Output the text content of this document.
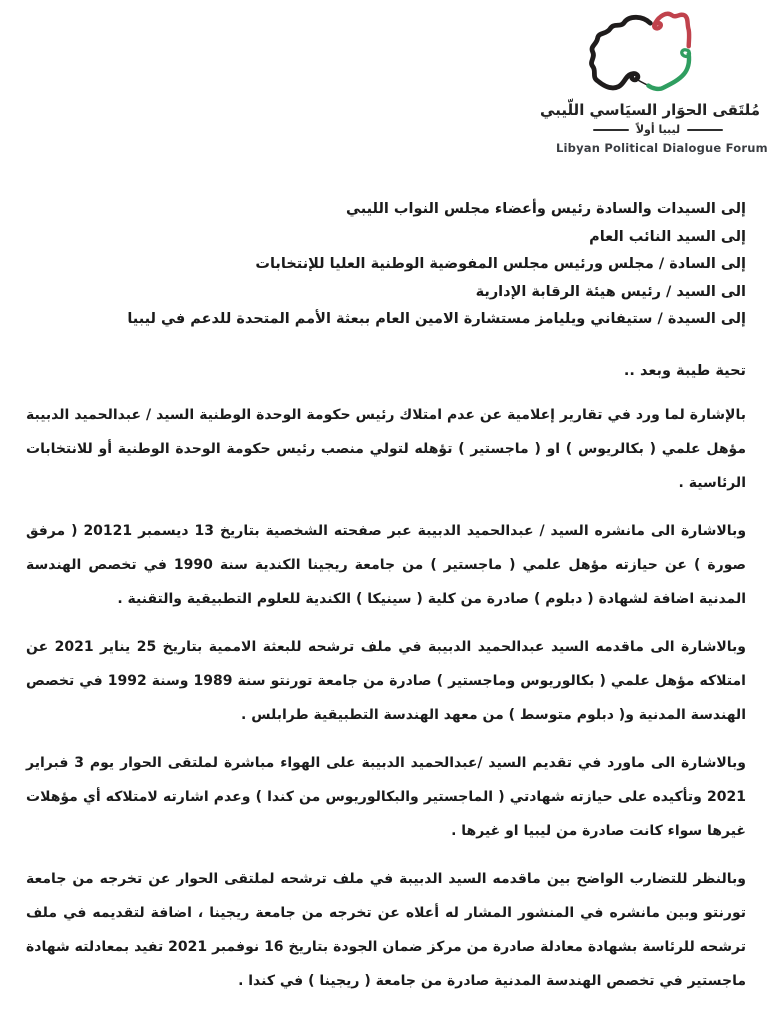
مُلتَقى الحوَار السيَاسي اللّيبي
ليبيا أولاً
Libyan Political Dialogue Forum
إلى السيدات والسادة رئيس وأعضاء مجلس النواب الليبي
إلى السيد النائب العام
إلى السادة / مجلس ورئيس مجلس المفوضية الوطنية العليا للإنتخابات
الى السيد / رئيس هيئة الرقابة الإدارية
إلى السيدة / ستيفاني ويليامز مستشارة الامين العام ببعثة الأمم المتحدة للدعم في ليبيا
تحية طيبة وبعد ..

بالإشارة لما ورد في تقارير إعلامية عن عدم امتلاك رئيس حكومة الوحدة الوطنية السيد / عبدالحميد الدبيبة مؤهل علمي ( بكالريوس ) او ( ماجستير ) تؤهله لتولي منصب رئيس حكومة الوحدة الوطنية أو للانتخابات الرئاسية .

وبالاشارة الى مانشره السيد / عبدالحميد الدبيبة عبر صفحته الشخصية بتاريخ 13 ديسمبر 20121 ( مرفق صورة ) عن حيازته مؤهل علمي ( ماجستير ) من جامعة ريجينا الكندية سنة 1990 في تخصص الهندسة المدنية اضافة لشهادة ( دبلوم ) صادرة من كلية ( سينيكا ) الكندية للعلوم التطبيقية والتقنية .

وبالاشارة الى ماقدمه السيد عبدالحميد الدبيبة في ملف ترشحه للبعثة الاممية بتاريخ 25 يناير 2021 عن امتلاكه مؤهل علمي ( بكالوريوس وماجستير ) صادرة من جامعة تورنتو سنة 1989 وسنة 1992 في تخصص الهندسة المدنية و( دبلوم متوسط ) من معهد الهندسة التطبيقية طرابلس .

وبالاشارة الى ماورد في تقديم السيد /عبدالحميد الدبيبة على الهواء مباشرة لملتقى الحوار يوم 3 فبراير 2021 وتأكيده على حيازته شهادتي ( الماجستير والبكالوريوس من كندا ) وعدم اشارته لامتلاكه أي مؤهلات غيرها سواء كانت صادرة من ليبيا او غيرها .

وبالنظر للتضارب الواضح بين ماقدمه السيد الدبيبة في ملف ترشحه لملتقى الحوار عن تخرجه من جامعة تورنتو وبين مانشره في المنشور المشار له أعلاه عن تخرجه من جامعة ريجينا ، اضافة لتقديمه في ملف ترشحه للرئاسة بشهادة معادلة صادرة من مركز ضمان الجودة بتاريخ 16 نوفمبر 2021 تفيد بمعادلته شهادة ماجستير في تخصص الهندسة المدنية صادرة من جامعة ( ريجينا ) في كندا .
